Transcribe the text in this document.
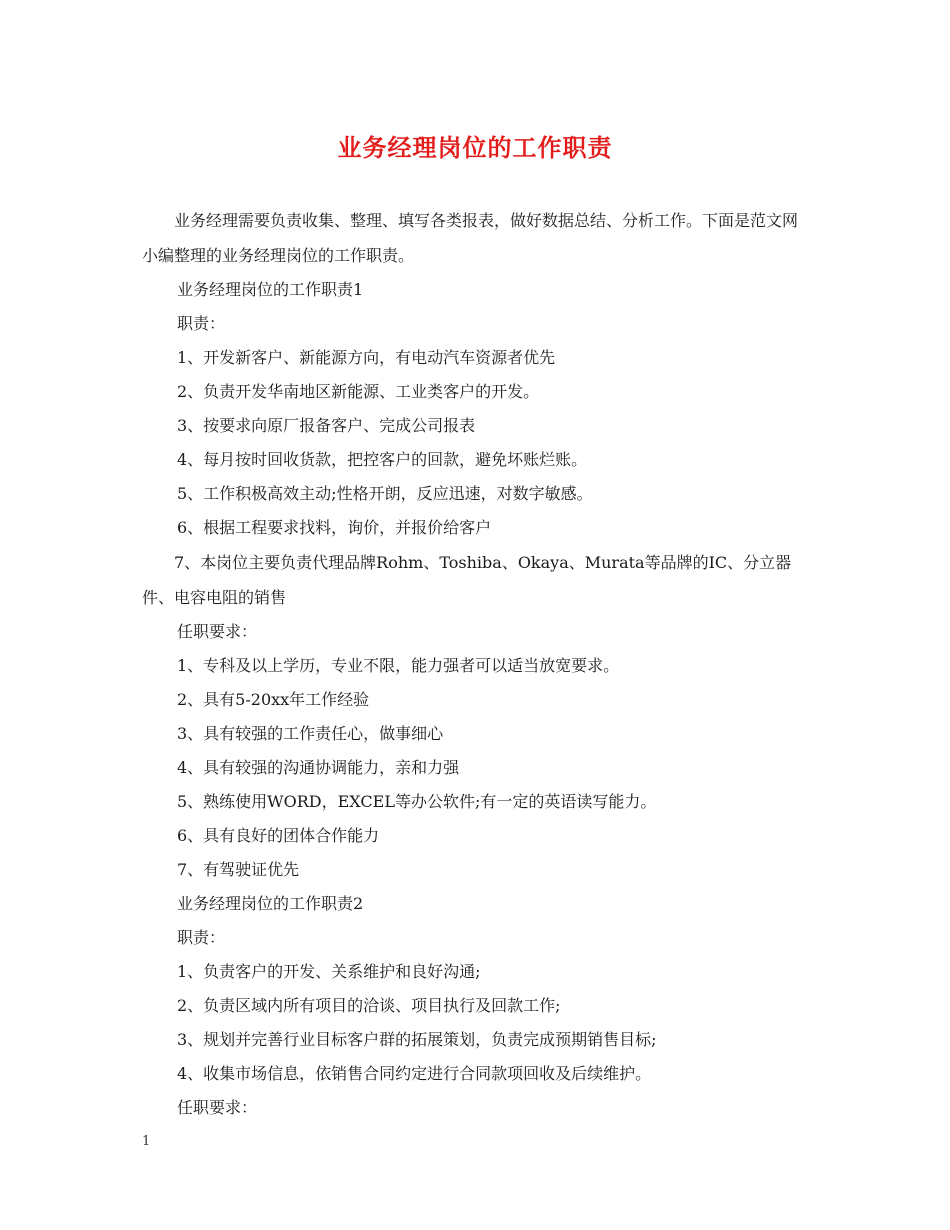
业务经理岗位的工作职责

业务经理需要负责收集、整理、填写各类报表，做好数据总结、分析工作。下面是范文网小编整理的业务经理岗位的工作职责。

业务经理岗位的工作职责1
职责：
1、开发新客户、新能源方向，有电动汽车资源者优先
2、负责开发华南地区新能源、工业类客户的开发。
3、按要求向原厂报备客户、完成公司报表
4、每月按时回收货款，把控客户的回款，避免坏账烂账。
5、工作积极高效主动;性格开朗，反应迅速，对数字敏感。
6、根据工程要求找料，询价，并报价给客户

7、本岗位主要负责代理品牌Rohm、Toshiba、Okaya、Murata等品牌的IC、分立器件、电容电阻的销售

任职要求：
1、专科及以上学历，专业不限，能力强者可以适当放宽要求。
2、具有5-20xx年工作经验
3、具有较强的工作责任心，做事细心
4、具有较强的沟通协调能力，亲和力强
5、熟练使用WORD，EXCEL等办公软件;有一定的英语读写能力。
6、具有良好的团体合作能力
7、有驾驶证优先
业务经理岗位的工作职责2
职责：
1、负责客户的开发、关系维护和良好沟通;
2、负责区域内所有项目的洽谈、项目执行及回款工作;
3、规划并完善行业目标客户群的拓展策划，负责完成预期销售目标;
4、收集市场信息，依销售合同约定进行合同款项回收及后续维护。
任职要求：
1
